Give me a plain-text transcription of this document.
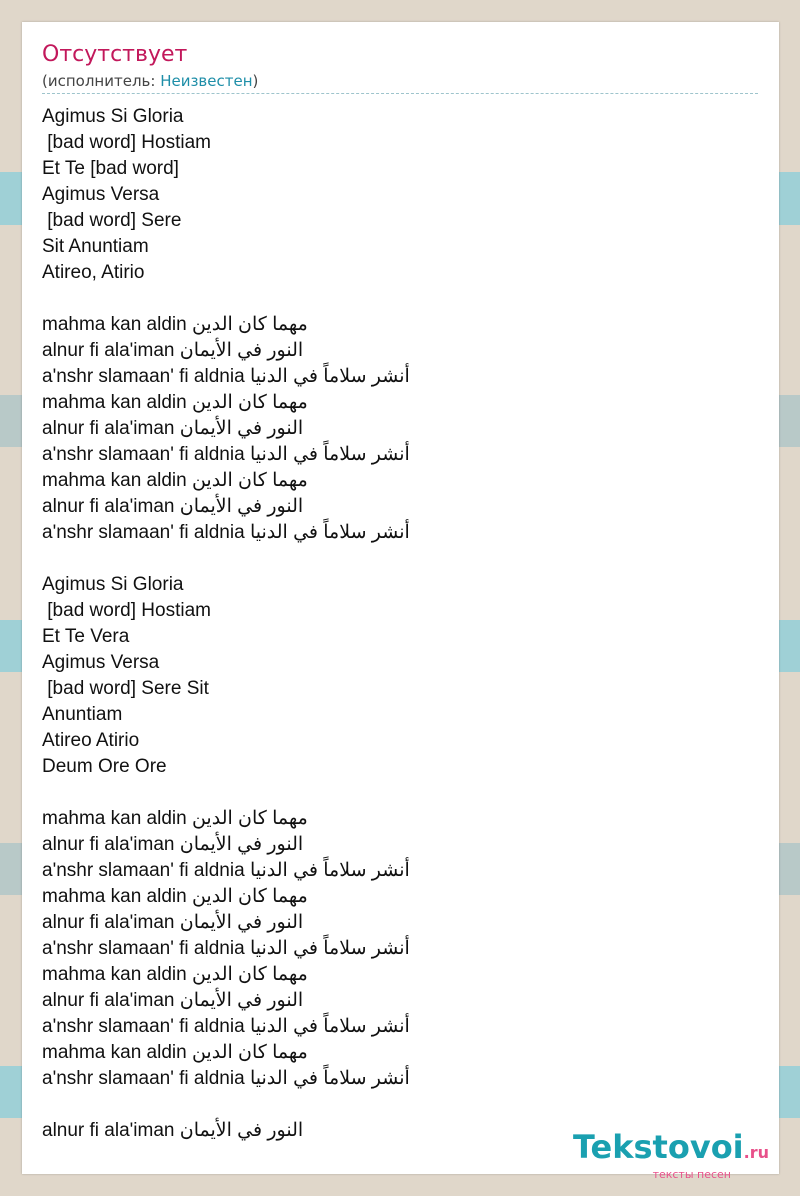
Отсутствует
(исполнитель: Неизвестен)
Agimus Si Gloria
[bad word] Hostiam
Et Te [bad word]
Agimus Versa
[bad word] Sere
Sit Anuntiam
Atireo, Atirio
mahma kan aldin مهما كان الدين
alnur fi ala'iman النور في الأيمان
a'nshr slamaan' fi aldnia أنشر سلاماً في الدنيا
mahma kan aldin مهما كان الدين
alnur fi ala'iman النور في الأيمان
a'nshr slamaan' fi aldnia أنشر سلاماً في الدنيا
mahma kan aldin مهما كان الدين
alnur fi ala'iman النور في الأيمان
a'nshr slamaan' fi aldnia أنشر سلاماً في الدنيا
Agimus Si Gloria
[bad word] Hostiam
Et Te Vera
Agimus Versa
[bad word] Sere Sit
Anuntiam
Atireo Atirio
Deum Ore Ore
mahma kan aldin مهما كان الدين
alnur fi ala'iman النور في الأيمان
a'nshr slamaan' fi aldnia أنشر سلاماً في الدنيا
mahma kan aldin مهما كان الدين
alnur fi ala'iman النور في الأيمان
a'nshr slamaan' fi aldnia أنشر سلاماً في الدنيا
mahma kan aldin مهما كان الدين
alnur fi ala'iman النور في الأيمان
a'nshr slamaan' fi aldnia أنشر سلاماً في الدنيا
mahma kan aldin مهما كان الدين
a'nshr slamaan' fi aldnia أنشر سلاماً في الدنيا
alnur fi ala'iman النور في الأيمان	Tekstovoi.ru
тексты песен
